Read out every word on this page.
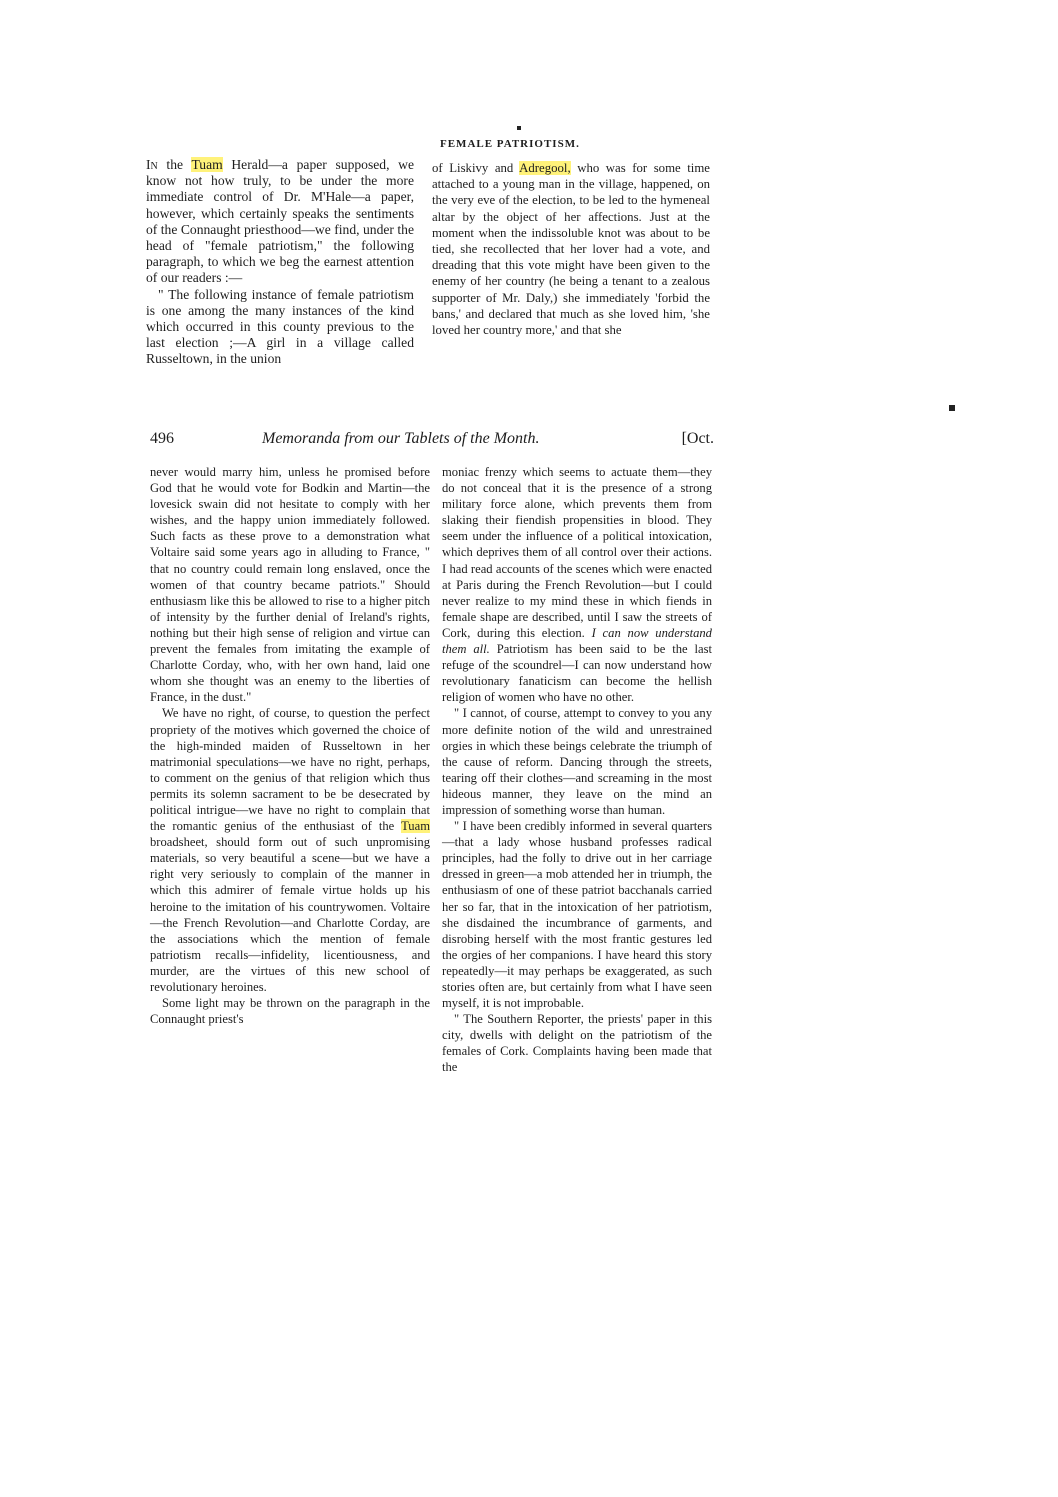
FEMALE PATRIOTISM.

In the Tuam Herald—a paper supposed, we know not how truly, to be under the more immediate control of Dr. M'Hale—a paper, however, which certainly speaks the sentiments of the Connaught priesthood—we find, under the head of "female patriotism," the following paragraph, to which we beg the earnest attention of our readers :—

" The following instance of female patriotism is one among the many instances of the kind which occurred in this county previous to the last election ;—A girl in a village called Russeltown, in the union

of Liskivy and Adregool, who was for some time attached to a young man in the village, happened, on the very eve of the election, to be led to the hymeneal altar by the object of her affections. Just at the moment when the indissoluble knot was about to be tied, she recollected that her lover had a vote, and dreading that this vote might have been given to the enemy of her country (he being a tenant to a zealous supporter of Mr. Daly,) she immediately 'forbid the bans,' and declared that much as she loved him, 'she loved her country more,' and that she

496	Memoranda from our Tablets of the Month.	[Oct.

never would marry him, unless he promised before God that he would vote for Bodkin and Martin—the lovesick swain did not hesitate to comply with her wishes, and the happy union immediately followed. Such facts as these prove to a demonstration what Voltaire said some years ago in alluding to France, " that no country could remain long enslaved, once the women of that country became patriots." Should enthusiasm like this be allowed to rise to a higher pitch of intensity by the further denial of Ireland's rights, nothing but their high sense of religion and virtue can prevent the females from imitating the example of Charlotte Corday, who, with her own hand, laid one whom she thought was an enemy to the liberties of France, in the dust."

We have no right, of course, to question the perfect propriety of the motives which governed the choice of the high-minded maiden of Russeltown in her matrimonial speculations—we have no right, perhaps, to comment on the genius of that religion which thus permits its solemn sacrament to be be desecrated by political intrigue—we have no right to complain that the romantic genius of the enthusiast of the Tuam broadsheet, should form out of such unpromising materials, so very beautiful a scene—but we have a right very seriously to complain of the manner in which this admirer of female virtue holds up his heroine to the imitation of his countrywomen. Voltaire—the French Revolution—and Charlotte Corday, are the associations which the mention of female patriotism recalls—infidelity, licentiousness, and murder, are the virtues of this new school of revolutionary heroines.

Some light may be thrown on the paragraph in the Connaught priest's

moniac frenzy which seems to actuate them—they do not conceal that it is the presence of a strong military force alone, which prevents them from slaking their fiendish propensities in blood. They seem under the influence of a political intoxication, which deprives them of all control over their actions. I had read accounts of the scenes which were enacted at Paris during the French Revolution—but I could never realize to my mind these in which fiends in female shape are described, until I saw the streets of Cork, during this election. I can now understand them all. Patriotism has been said to be the last refuge of the scoundrel—I can now understand how revolutionary fanaticism can become the hellish religion of women who have no other.

" I cannot, of course, attempt to convey to you any more definite notion of the wild and unrestrained orgies in which these beings celebrate the triumph of the cause of reform. Dancing through the streets, tearing off their clothes—and screaming in the most hideous manner, they leave on the mind an impression of something worse than human.

" I have been credibly informed in several quarters—that a lady whose husband professes radical principles, had the folly to drive out in her carriage dressed in green—a mob attended her in triumph, the enthusiasm of one of these patriot bacchanals carried her so far, that in the intoxication of her patriotism, she disdained the incumbrance of garments, and disrobing herself with the most frantic gestures led the orgies of her companions. I have heard this story repeatedly—it may perhaps be exaggerated, as such stories often are, but certainly from what I have seen myself, it is not improbable.

" The Southern Reporter, the priests' paper in this city, dwells with delight on the patriotism of the females of Cork. Complaints having been made that the
